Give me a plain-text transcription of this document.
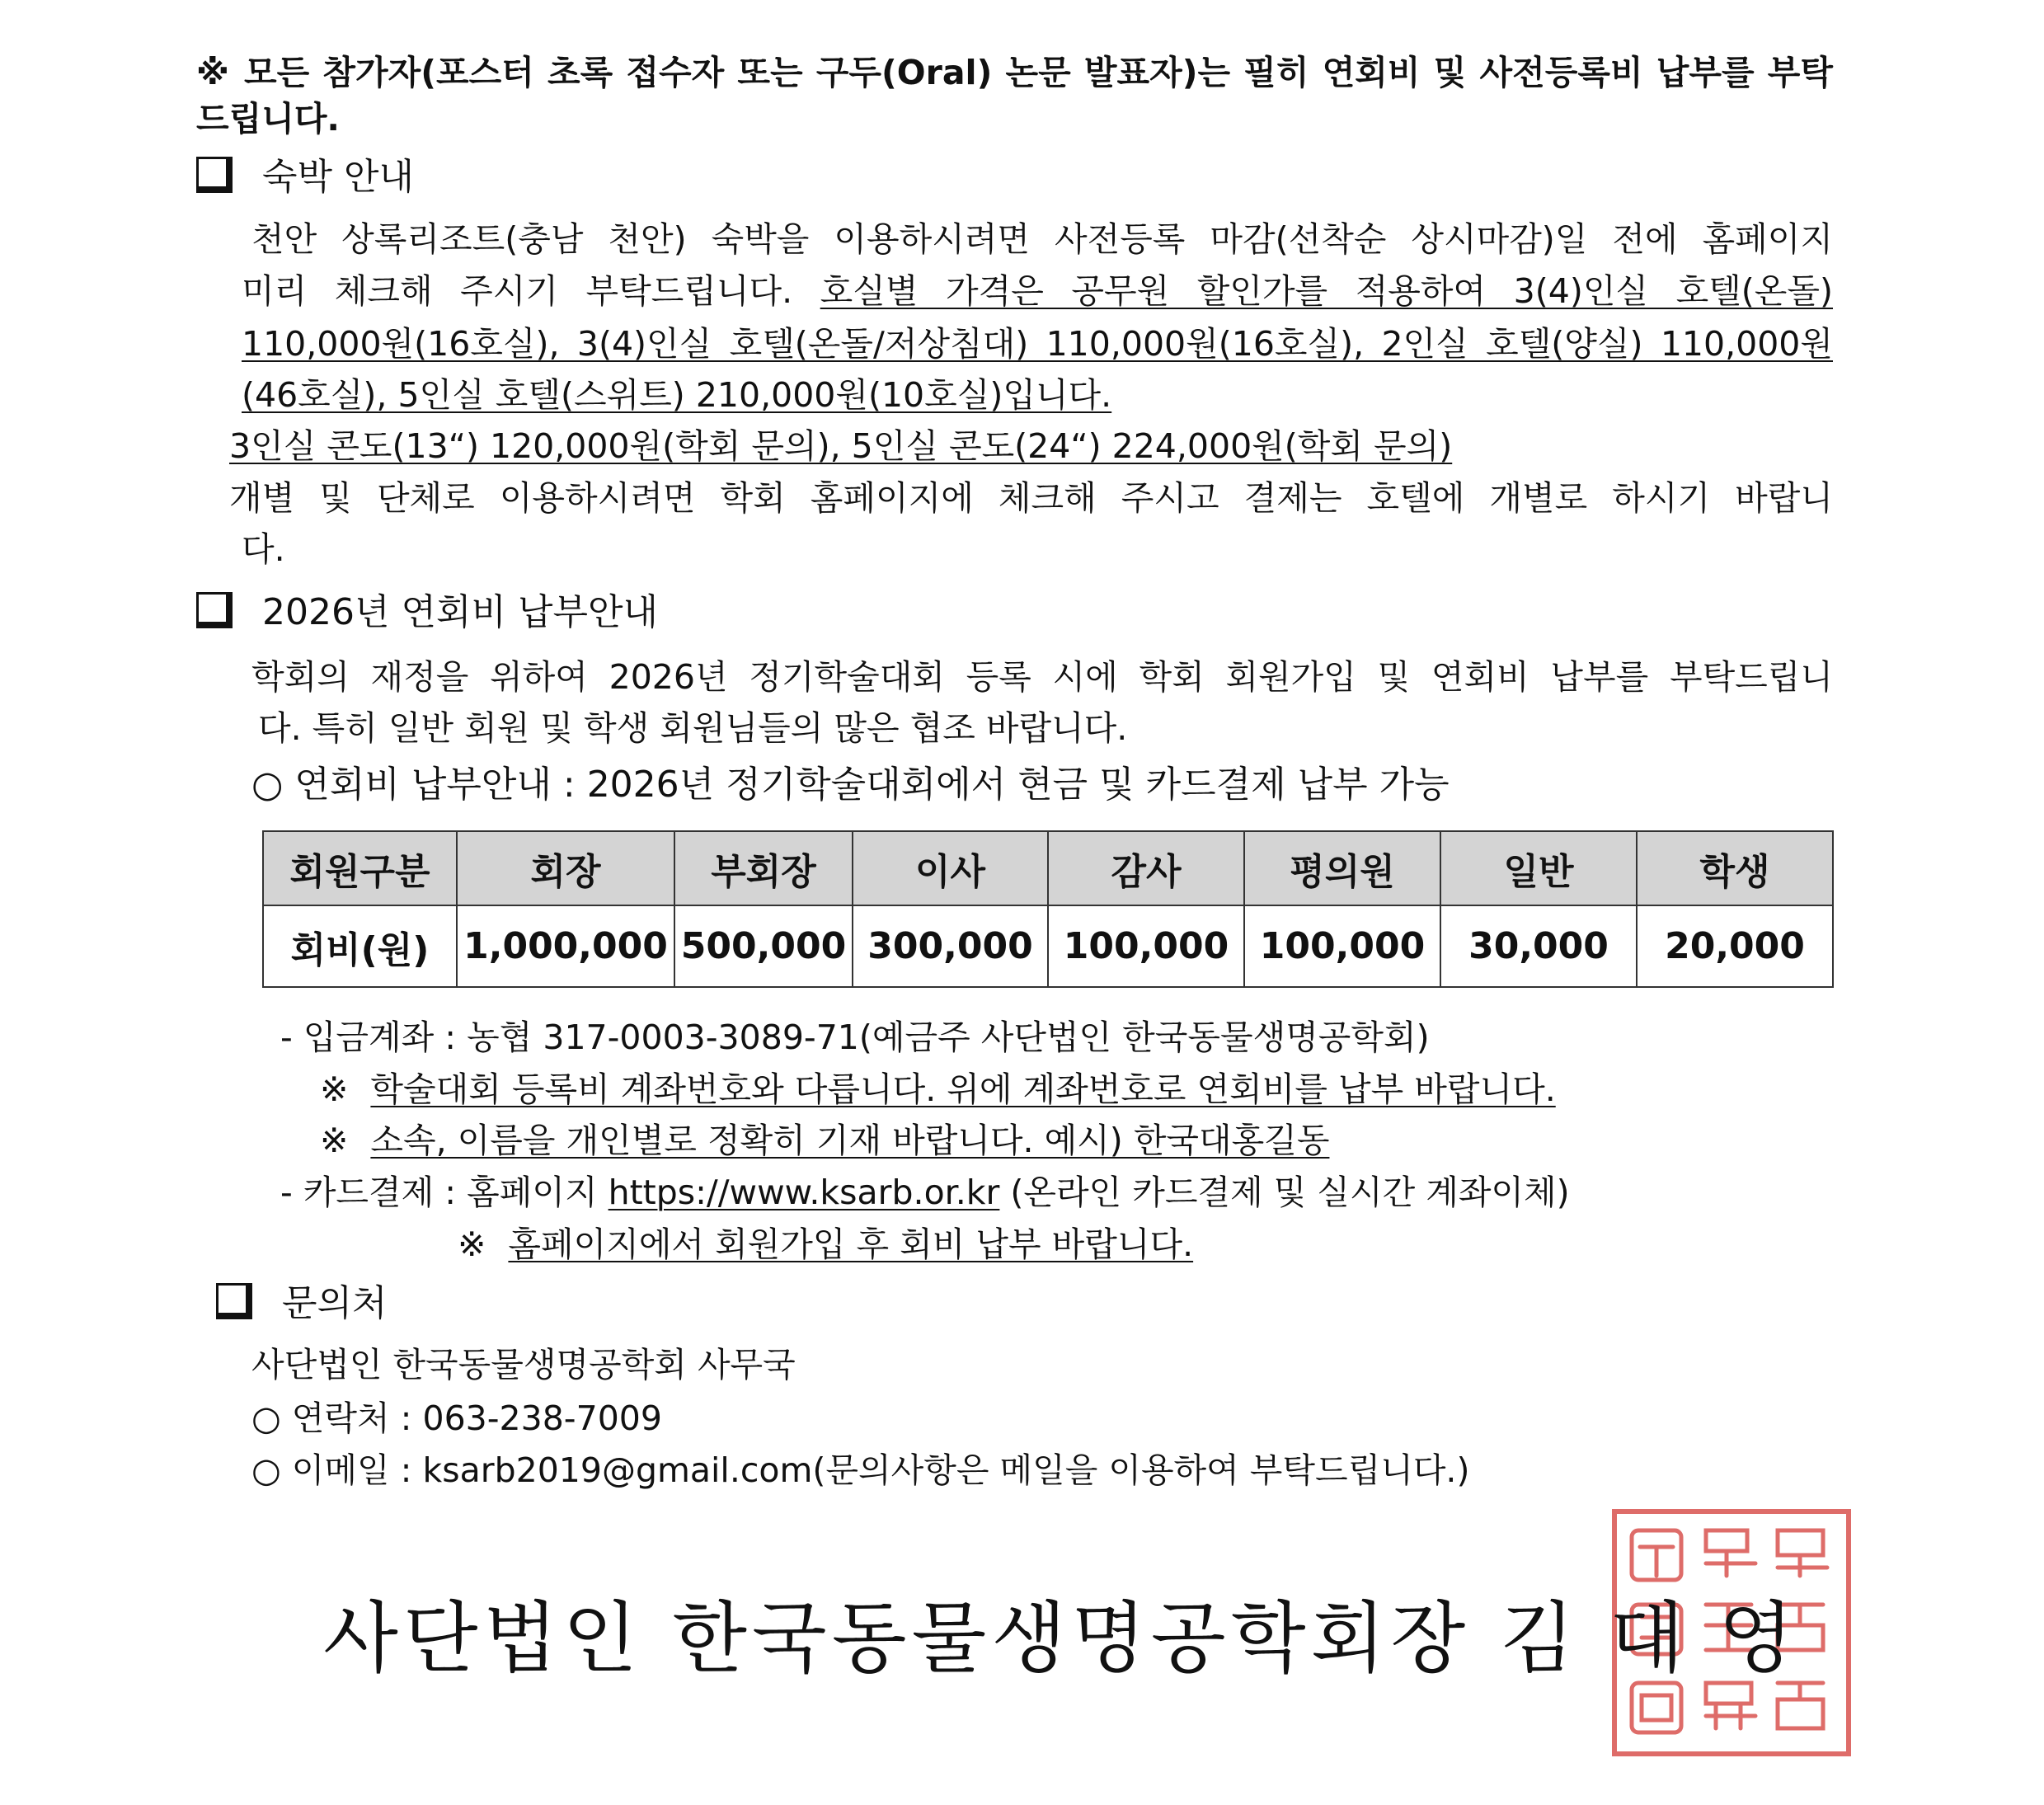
※ 모든 참가자(포스터 초록 접수자 또는 구두(Oral) 논문 발표자)는 필히 연회비 및 사전등록비 납부를 부탁
드립니다.
숙박 안내
천안 상록리조트(충남 천안) 숙박을 이용하시려면 사전등록 마감(선착순 상시마감)일 전에 홈페이지
미리 체크해 주시기 부탁드립니다. 호실별 가격은 공무원 할인가를 적용하여 3(4)인실 호텔(온돌)
110,000원(16호실), 3(4)인실 호텔(온돌/저상침대) 110,000원(16호실), 2인실 호텔(양실) 110,000원
(46호실), 5인실 호텔(스위트) 210,000원(10호실)입니다.
3인실 콘도(13“) 120,000원(학회 문의), 5인실 콘도(24“) 224,000원(학회 문의)
개별 및 단체로 이용하시려면 학회 홈페이지에 체크해 주시고 결제는 호텔에 개별로 하시기 바랍니
다.
2026년 연회비 납부안내
학회의 재정을 위하여 2026년 정기학술대회 등록 시에 학회 회원가입 및 연회비 납부를 부탁드립니
다. 특히 일반 회원 및 학생 회원님들의 많은 협조 바랍니다.
○ 연회비 납부안내 : 2026년 정기학술대회에서 현금 및 카드결제 납부 가능
회원구분	회장	부회장	이사	감사	평의원	일반	학생
회비(원)	1,000,000	500,000	300,000	100,000	100,000	30,000	20,000
- 입금계좌 : 농협 317-0003-3089-71(예금주 사단법인 한국동물생명공학회)
※ 학술대회 등록비 계좌번호와 다릅니다. 위에 계좌번호로 연회비를 납부 바랍니다.
※ 소속, 이름을 개인별로 정확히 기재 바랍니다. 예시) 한국대홍길동
- 카드결제 : 홈페이지 https://www.ksarb.or.kr (온라인 카드결제 및 실시간 계좌이체)
※ 홈페이지에서 회원가입 후 회비 납부 바랍니다.
문의처
사단법인 한국동물생명공학회 사무국
○ 연락처 : 063-238-7009
○ 이메일 : ksarb2019@gmail.com(문의사항은 메일을 이용하여 부탁드립니다.)
사단법인 한국동물생명공학회장 김 대 영
